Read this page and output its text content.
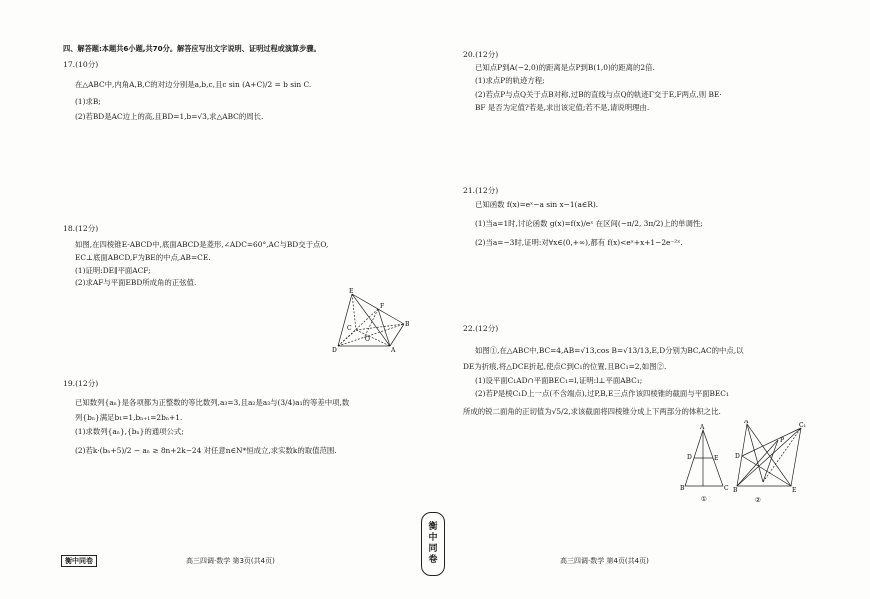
四、解答题:本题共6小题,共70分。解答应写出文字说明、证明过程或演算步骤。
17.(10分)
在△ABC中,内角A,B,C的对边分别是a,b,c,且c sin (A+C)/2 = b sin C.
(1)求B;
(2)若BD是AC边上的高,且BD=1,b=√3,求△ABC的周长.
18.(12分)
如图,在四棱锥E-ABCD中,底面ABCD是菱形,∠ADC=60°,AC与BD交于点O,
EC⊥底面ABCD,F为BE的中点,AB=CE.
(1)证明:DE∥平面ACF;
(2)求AF与平面EBD所成角的正弦值.
E
F
B
C
O
D	A
19.(12分)
已知数列{aₙ}是各项都为正整数的等比数列,a₃=3,且a₂是a₃与(3/4)a₁的等差中项,数
列{bₙ}满足b₁=1,bₙ₊₁=2bₙ+1.
(1)求数列{aₙ},{bₙ}的通项公式;
(2)若k·(bₙ+5)/2 − aₙ ≥ 8n+2k−24 对任意n∈N*恒成立,求实数k的取值范围.
衡中同卷	高三四调·数学 第3页(共4页)
衡
中
同
卷
20.(12分)
已知点P到A(−2,0)的距离是点P到B(1,0)的距离的2倍.
(1)求点P的轨迹方程;
(2)若点P与点Q关于点B对称,过B的直线与点Q的轨迹Γ交于E,F两点,则 BE·
BF 是否为定值?若是,求出该定值;若不是,请说明理由.
21.(12分)
已知函数 f(x)=eˣ−a sin x−1(a∈R).
(1)当a=1时,讨论函数 g(x)=f(x)/eˣ 在区间(−π/2, 3π/2)上的单调性;
(2)当a=−3时,证明:对∀x∈(0,+∞),都有 f(x)<eˣ+x+1−2e⁻²ˣ.
22.(12分)
如图①,在△ABC中,BC=4,AB=√13,cos B=√13/13,E,D分别为BC,AC的中点,以
DE为折痕,将△DCE折起,使点C到C₁的位置,且BC₁=2,如图②.
(1)设平面C₁AD∩平面BEC₁=l,证明:l⊥平面ABC₁;
(2)若P是棱C₁D上一点(不含端点),过P,B,E三点作该四棱锥的截面与平面BEC₁
所成的锐二面角的正切值为√5/2,求该截面将四棱锥分成上下两部分的体积之比.
A
D	E
B	C
①
A
C₁
D
P
B	E
②
高三四调·数学 第4页(共4页)
